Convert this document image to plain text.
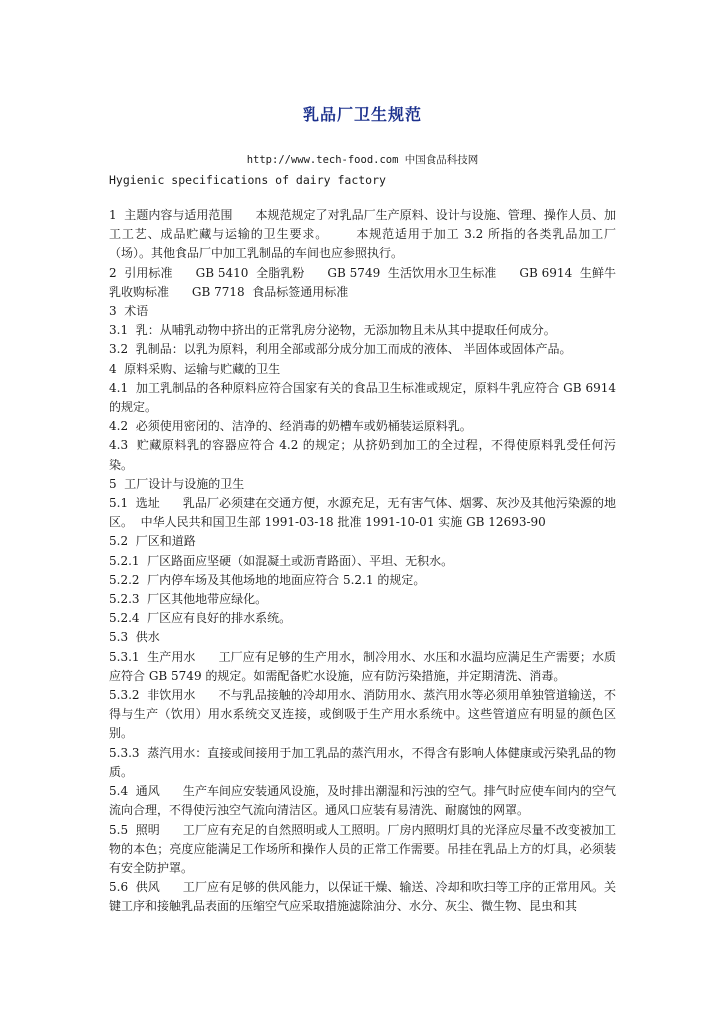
乳品厂卫生规范
http://www.tech-food.com 中国食品科技网
Hygienic specifications of dairy factory
1  主题内容与适用范围      本规范规定了对乳品厂生产原料、设计与设施、管理、操作人员、加工工艺、成品贮藏与运输的卫生要求。      本规范适用于加工 3.2 所指的各类乳品加工厂（场）。其他食品厂中加工乳制品的车间也应参照执行。
2  引用标准      GB 5410  全脂乳粉      GB 5749  生活饮用水卫生标准      GB 6914  生鲜牛乳收购标准      GB 7718  食品标签通用标准
3  术语
3.1  乳：从哺乳动物中挤出的正常乳房分泌物，无添加物且未从其中提取任何成分。
3.2  乳制品：以乳为原料，利用全部或部分成分加工而成的液体、 半固体或固体产品。
4  原料采购、运输与贮藏的卫生
4.1  加工乳制品的各种原料应符合国家有关的食品卫生标准或规定，原料牛乳应符合 GB 6914 的规定。
4.2  必须使用密闭的、洁净的、经消毒的奶槽车或奶桶装运原料乳。
4.3  贮藏原料乳的容器应符合 4.2 的规定；从挤奶到加工的全过程，不得使原料乳受任何污染。
5  工厂设计与设施的卫生
5.1  选址      乳品厂必须建在交通方便，水源充足，无有害气体、烟雾、灰沙及其他污染源的地区。  中华人民共和国卫生部 1991-03-18 批准 1991-10-01 实施 GB 12693-90
5.2  厂区和道路
5.2.1  厂区路面应坚硬（如混凝土或沥青路面）、平坦、无积水。
5.2.2  厂内停车场及其他场地的地面应符合 5.2.1 的规定。
5.2.3  厂区其他地带应绿化。
5.2.4  厂区应有良好的排水系统。
5.3  供水
5.3.1  生产用水      工厂应有足够的生产用水，制冷用水、水压和水温均应满足生产需要；水质应符合 GB 5749 的规定。如需配备贮水设施，应有防污染措施，并定期清洗、消毒。
5.3.2  非饮用水      不与乳品接触的冷却用水、消防用水、蒸汽用水等必须用单独管道输送，不得与生产（饮用）用水系统交叉连接，或倒吸于生产用水系统中。这些管道应有明显的颜色区 别。
5.3.3  蒸汽用水：直接或间接用于加工乳品的蒸汽用水，不得含有影响人体健康或污染乳品的物质。
5.4  通风      生产车间应安装通风设施，及时排出潮湿和污浊的空气。排气时应使车间内的空气流向合理，不得使污浊空气流向清洁区。通风口应装有易清洗、耐腐蚀的网罩。
5.5  照明      工厂应有充足的自然照明或人工照明。厂房内照明灯具的光泽应尽量不改变被加工物的本色；亮度应能满足工作场所和操作人员的正常工作需要。吊挂在乳品上方的灯具，必须装有安全防护罩。
5.6  供风      工厂应有足够的供风能力，以保证干燥、输送、冷却和吹扫等工序的正常用风。关键工序和接触乳品表面的压缩空气应采取措施滤除油分、水分、灰尘、微生物、昆虫和其
